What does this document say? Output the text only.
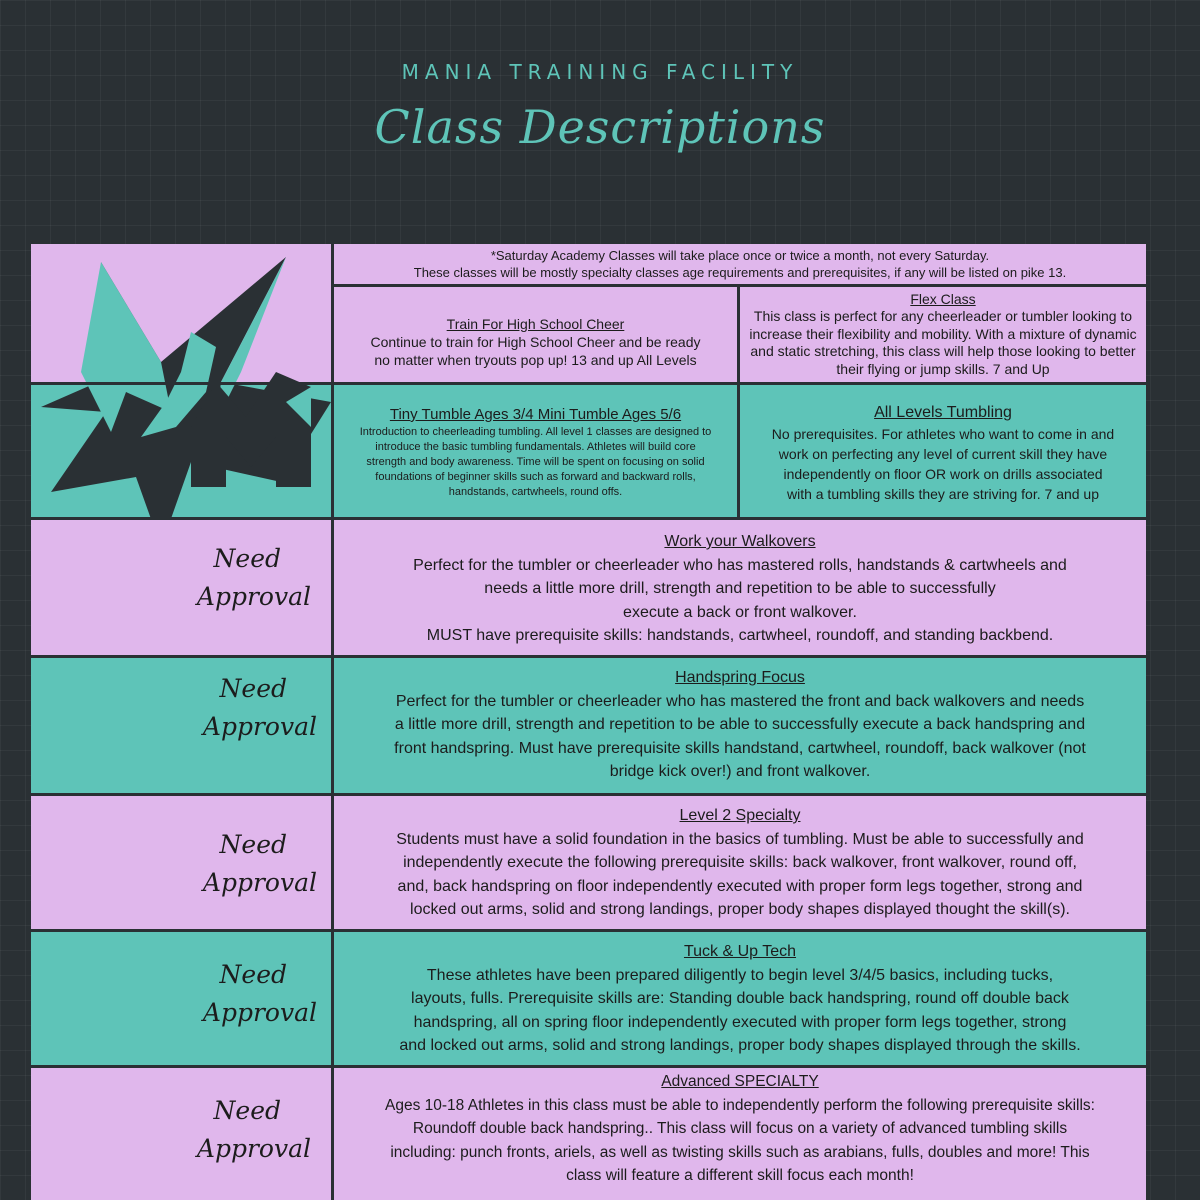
MANIA TRAINING FACILITY
Class Descriptions
*Saturday Academy Classes will take place once or twice a month, not every Saturday.
These classes will be mostly specialty classes age requirements and prerequisites, if any will be listed on pike 13.
Train For High School Cheer
Continue to train for High School Cheer and be ready
no matter when tryouts pop up! 13 and up All Levels
Flex Class
This class is perfect for any cheerleader or tumbler looking to
increase their flexibility and mobility. With a mixture of dynamic
and static stretching, this class will help those looking to better
their flying or jump skills. 7 and Up
Tiny Tumble Ages 3/4 Mini Tumble Ages 5/6
Introduction to cheerleading tumbling. All level 1 classes are designed to
introduce the basic tumbling fundamentals. Athletes will build core
strength and body awareness. Time will be spent on focusing on solid
foundations of beginner skills such as forward and backward rolls,
handstands, cartwheels, round offs.
All Levels Tumbling
No prerequisites. For athletes who want to come in and
work on perfecting any level of current skill they have
independently on floor OR work on drills associated
with a tumbling skills they are striving for. 7 and up
Need
Approval
Work your Walkovers
Perfect for the tumbler or cheerleader who has mastered rolls, handstands & cartwheels and
needs a little more drill, strength and repetition to be able to successfully
execute a back or front walkover.
MUST have prerequisite skills: handstands, cartwheel, roundoff, and standing backbend.
Need
Approval
Handspring Focus
Perfect for the tumbler or cheerleader who has mastered the front and back walkovers and needs
a little more drill, strength and repetition to be able to successfully execute a back handspring and
front handspring. Must have prerequisite skills handstand, cartwheel, roundoff, back walkover (not
bridge kick over!) and front walkover.
Need
Approval
Level 2 Specialty
Students must have a solid foundation in the basics of tumbling. Must be able to successfully and
independently execute the following prerequisite skills: back walkover, front walkover, round off,
and, back handspring on floor independently executed with proper form legs together, strong and
locked out arms, solid and strong landings, proper body shapes displayed thought the skill(s).
Need
Approval
Tuck & Up Tech
These athletes have been prepared diligently to begin level 3/4/5 basics, including tucks,
layouts, fulls. Prerequisite skills are: Standing double back handspring, round off double back
handspring, all on spring floor independently executed with proper form legs together, strong
and locked out arms, solid and strong landings, proper body shapes displayed through the skills.
Need
Approval
Advanced SPECIALTY
Ages 10-18 Athletes in this class must be able to independently perform the following prerequisite skills:
Roundoff double back handspring.. This class will focus on a variety of advanced tumbling skills
including: punch fronts, ariels, as well as twisting skills such as arabians, fulls, doubles and more! This
class will feature a different skill focus each month!
